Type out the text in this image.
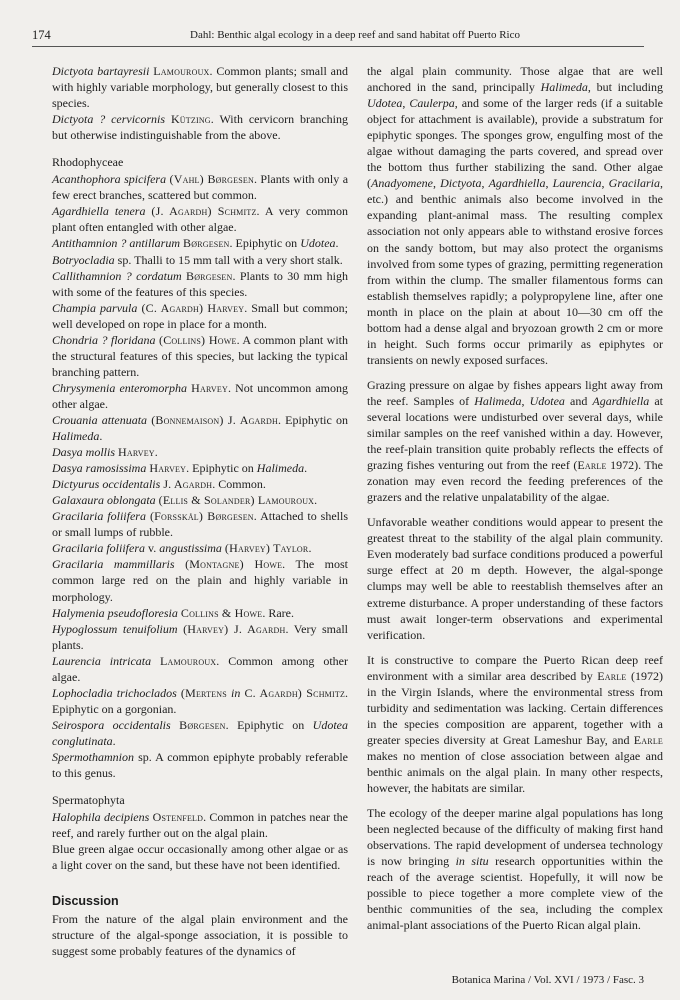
174	Dahl: Benthic algal ecology in a deep reef and sand habitat off Puerto Rico

Dictyota bartayresii Lamouroux. Common plants; small and with highly variable morphology, but generally closest to this species.

Dictyota ? cervicornis Kützing. With cervicorn branching but otherwise indistinguishable from the above.

Rhodophyceae

Acanthophora spicifera (Vahl) Børgesen. Plants with only a few erect branches, scattered but common.

Agardhiella tenera (J. Agardh) Schmitz. A very common plant often entangled with other algae.

Antithamnion ? antillarum Børgesen. Epiphytic on Udotea.

Botryocladia sp. Thalli to 15 mm tall with a very short stalk.

Callithamnion ? cordatum Børgesen. Plants to 30 mm high with some of the features of this species.

Champia parvula (C. Agardh) Harvey. Small but common; well developed on rope in place for a month.

Chondria ? floridana (Collins) Howe. A common plant with the structural features of this species, but lacking the typical branching pattern.

Chrysymenia enteromorpha Harvey. Not uncommon among other algae.

Crouania attenuata (Bonnemaison) J. Agardh. Epiphytic on Halimeda.

Dasya mollis Harvey.

Dasya ramosissima Harvey. Epiphytic on Halimeda.

Dictyurus occidentalis J. Agardh. Common.

Galaxaura oblongata (Ellis & Solander) Lamouroux.

Gracilaria foliifera (Forsskål) Børgesen. Attached to shells or small lumps of rubble.

Gracilaria foliifera v. angustissima (Harvey) Taylor.

Gracilaria mammillaris (Montagne) Howe. The most common large red on the plain and highly variable in morphology.

Halymenia pseudofloresia Collins & Howe. Rare.

Hypoglossum tenuifolium (Harvey) J. Agardh. Very small plants.

Laurencia intricata Lamouroux. Common among other algae.

Lophocladia trichoclados (Mertens in C. Agardh) Schmitz. Epiphytic on a gorgonian.

Seirospora occidentalis Børgesen. Epiphytic on Udotea conglutinata.

Spermothamnion sp. A common epiphyte probably referable to this genus.

Spermatophyta

Halophila decipiens Ostenfeld. Common in patches near the reef, and rarely further out on the algal plain.

Blue green algae occur occasionally among other algae or as a light cover on the sand, but these have not been identified.

Discussion

From the nature of the algal plain environment and the structure of the algal-sponge association, it is possible to suggest some probably features of the dynamics of

the algal plain community. Those algae that are well anchored in the sand, principally Halimeda, but including Udotea, Caulerpa, and some of the larger reds (if a suitable object for attachment is available), provide a substratum for epiphytic sponges. The sponges grow, engulfing most of the algae without damaging the parts covered, and spread over the bottom thus further stabilizing the sand. Other algae (Anadyomene, Dictyota, Agardhiella, Laurencia, Gracilaria, etc.) and benthic animals also become involved in the expanding plant-animal mass. The resulting complex association not only appears able to withstand erosive forces on the sandy bottom, but may also protect the organisms involved from some types of grazing, permitting regeneration from within the clump. The smaller filamentous forms can establish themselves rapidly; a polypropylene line, after one month in place on the plain at about 10—30 cm off the bottom had a dense algal and bryozoan growth 2 cm or more in height. Such forms occur primarily as epiphytes or transients on newly exposed surfaces.

Grazing pressure on algae by fishes appears light away from the reef. Samples of Halimeda, Udotea and Agardhiella at several locations were undisturbed over several days, while similar samples on the reef vanished within a day. However, the reef-plain transition quite probably reflects the effects of grazing fishes venturing out from the reef (Earle 1972). The zonation may even record the feeding preferences of the grazers and the relative unpalatability of the algae.

Unfavorable weather conditions would appear to present the greatest threat to the stability of the algal plain community. Even moderately bad surface conditions produced a powerful surge effect at 20 m depth. However, the algal-sponge clumps may well be able to reestablish themselves after an extreme disturbance. A proper understanding of these factors must await longer-term observations and experimental verification.

It is constructive to compare the Puerto Rican deep reef environment with a similar area described by Earle (1972) in the Virgin Islands, where the environmental stress from turbidity and sedimentation was lacking. Certain differences in the species composition are apparent, together with a greater species diversity at Great Lameshur Bay, and Earle makes no mention of close association between algae and benthic animals on the algal plain. In many other respects, however, the habitats are similar.

The ecology of the deeper marine algal populations has long been neglected because of the difficulty of making first hand observations. The rapid development of undersea technology is now bringing in situ research opportunities within the reach of the average scientist. Hopefully, it will now be possible to piece together a more complete view of the benthic communities of the sea, including the complex animal-plant associations of the Puerto Rican algal plain.

Botanica Marina / Vol. XVI / 1973 / Fasc. 3
